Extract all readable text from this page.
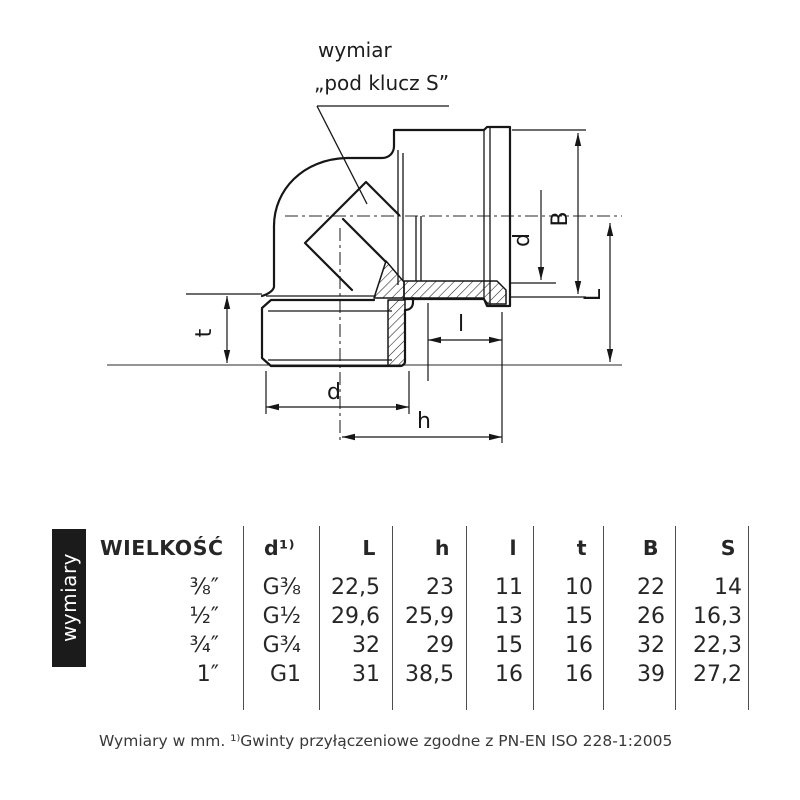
wymiar
„pod klucz S”
t
d
h
l
d
B
L
wymiary
WIELKOŚĆ	d¹⁾	L	h	l	t	B	S
⅜″	G⅜	22,5	23	11	10	22	14
½″	G½	29,6	25,9	13	15	26	16,3
¾″	G¾	32	29	15	16	32	22,3
1″	G1	31	38,5	16	16	39	27,2
Wymiary w mm. ¹⁾Gwinty przyłączeniowe zgodne z PN-EN ISO 228-1:2005
